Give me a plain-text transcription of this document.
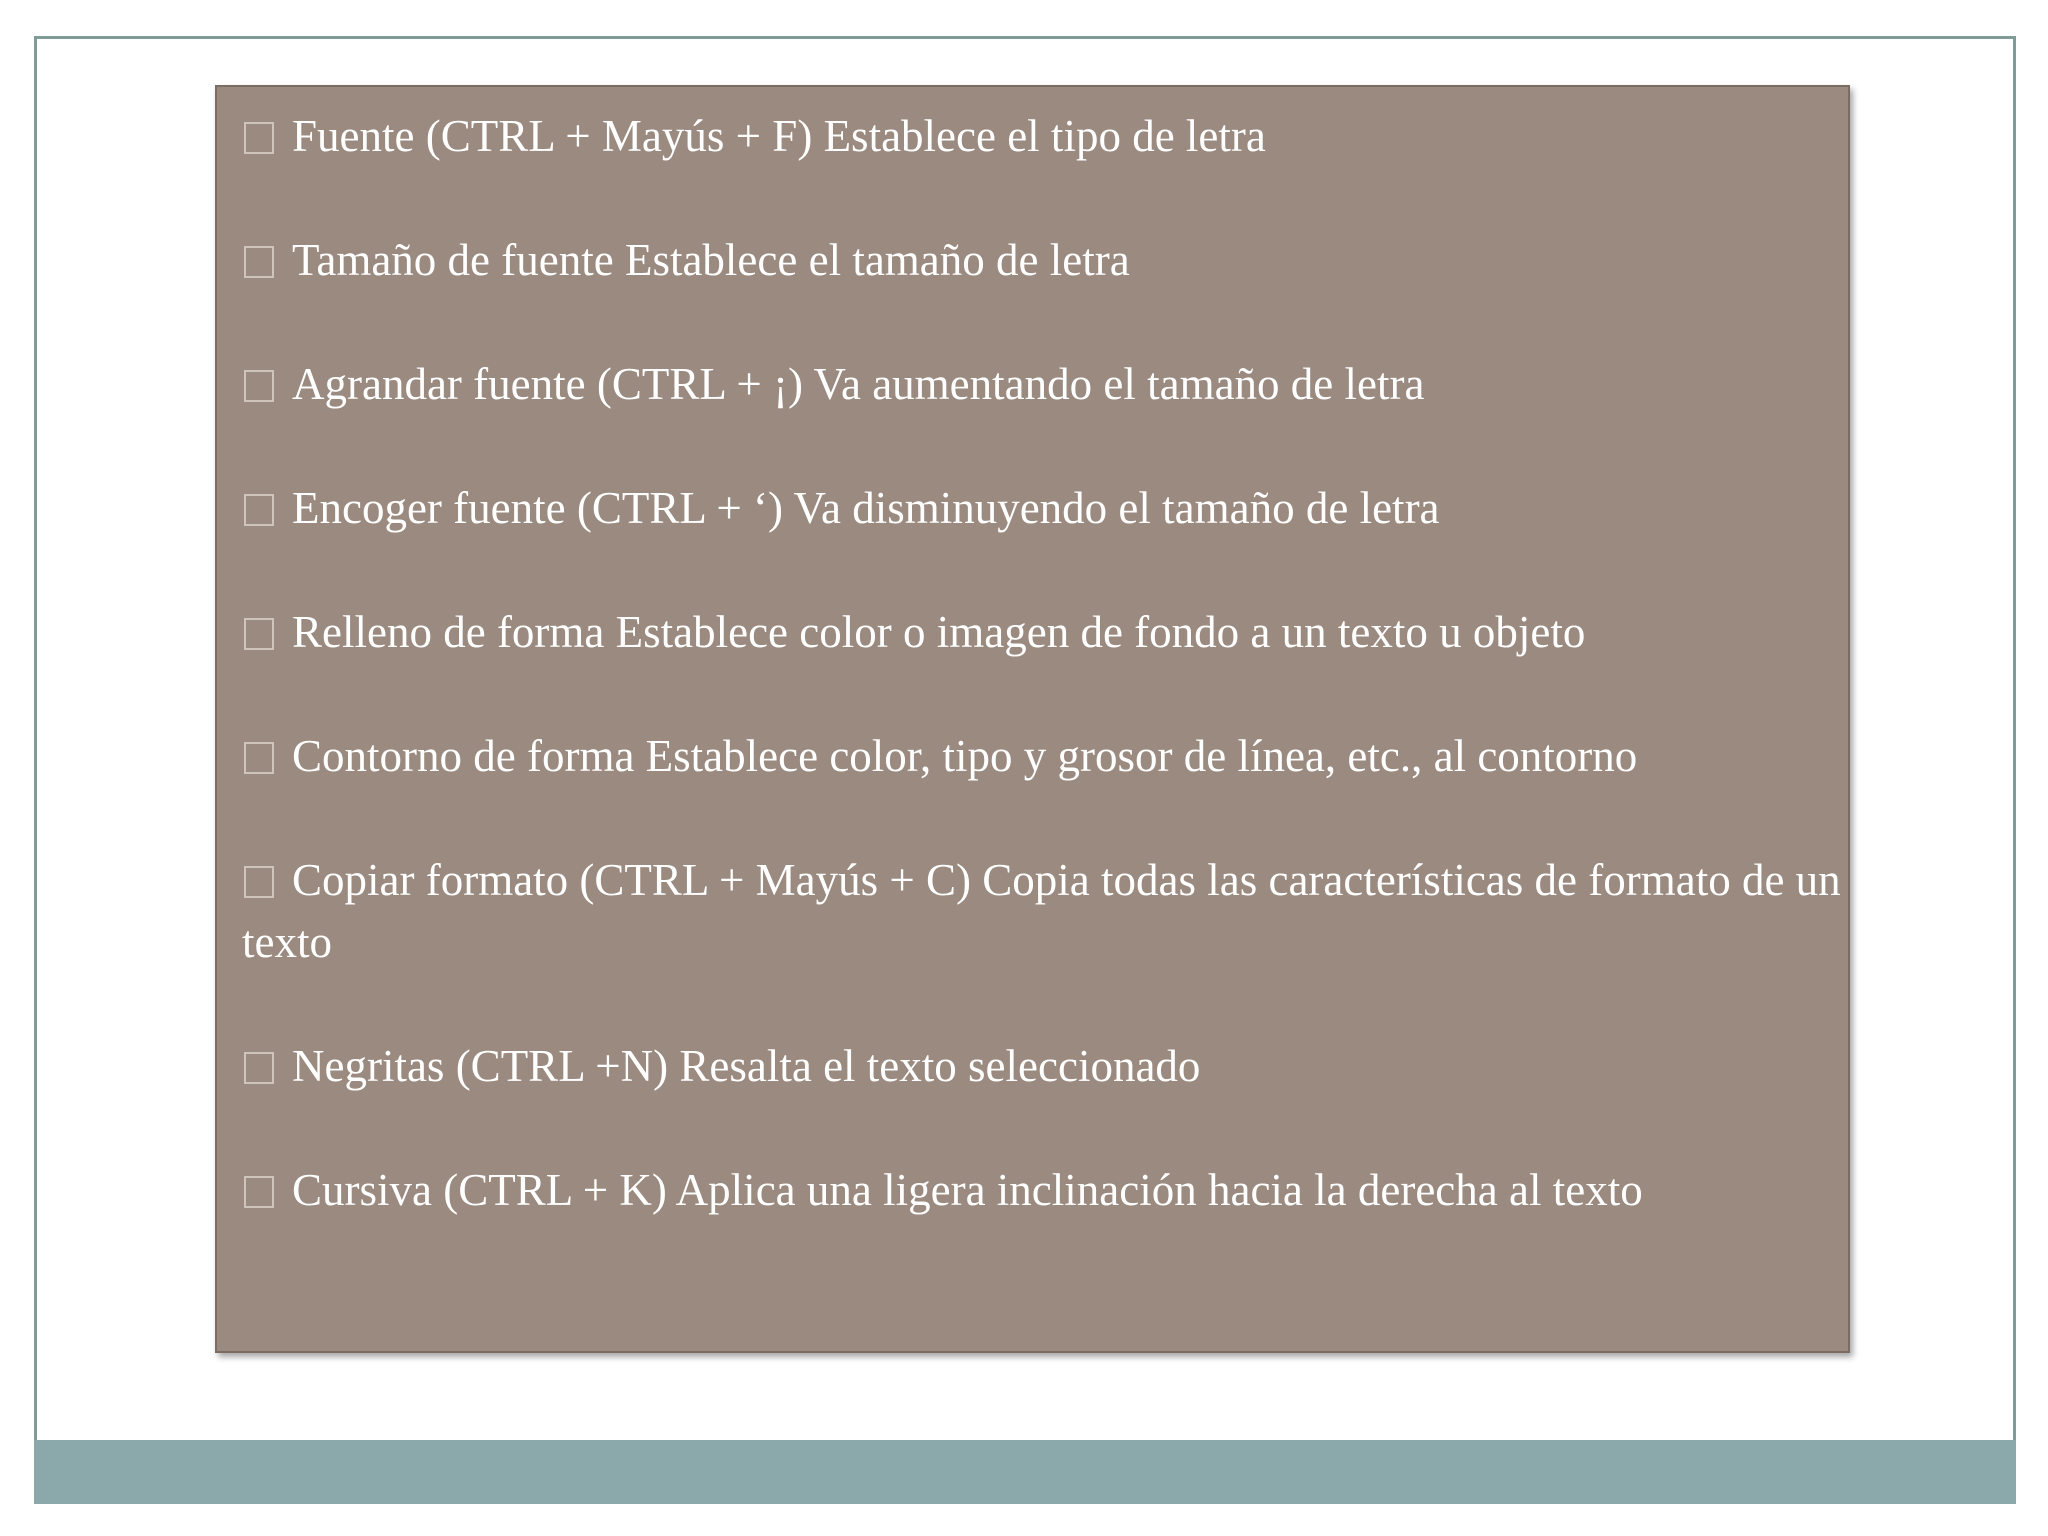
Fuente (CTRL + Mayús + F) Establece el tipo de letra
Tamaño de fuente Establece el tamaño de letra
Agrandar fuente (CTRL + ¡) Va aumentando el tamaño de letra
Encoger fuente (CTRL + ‘) Va disminuyendo el tamaño de letra
Relleno de forma Establece color o imagen de fondo a un texto u objeto
Contorno de forma Establece color, tipo y grosor de línea, etc., al contorno
Copiar formato (CTRL + Mayús + C) Copia todas las características de formato de un texto
Negritas (CTRL +N) Resalta el texto seleccionado
Cursiva (CTRL + K) Aplica una ligera inclinación hacia la derecha al texto
